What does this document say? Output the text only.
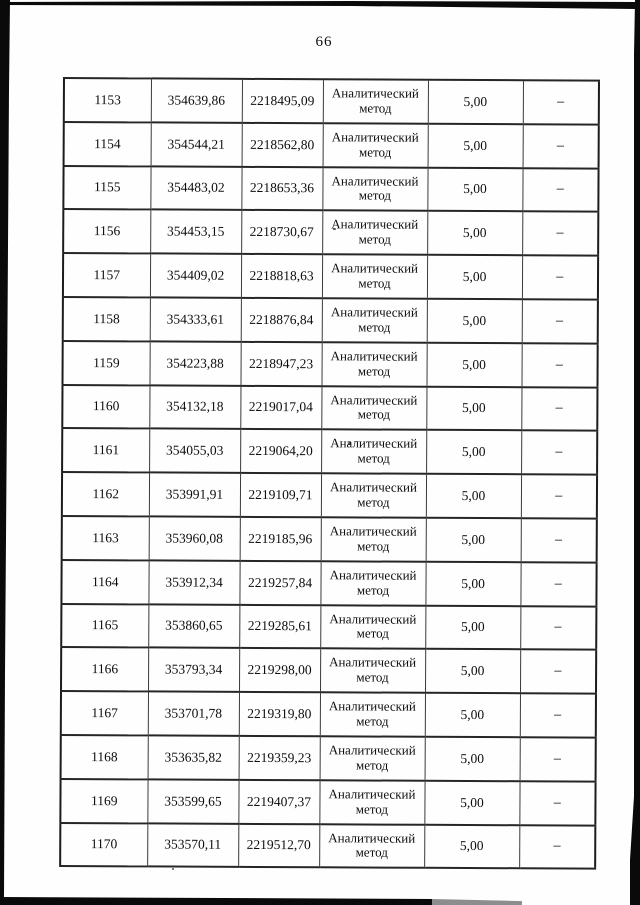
66
1153	354639,86	2218495,09	Аналитический метод	5,00	–
1154	354544,21	2218562,80	Аналитический метод	5,00	–
1155	354483,02	2218653,36	Аналитический метод	5,00	–
1156	354453,15	2218730,67	Аналитический метод	5,00	–
1157	354409,02	2218818,63	Аналитический метод	5,00	–
1158	354333,61	2218876,84	Аналитический метод	5,00	–
1159	354223,88	2218947,23	Аналитический метод	5,00	–
1160	354132,18	2219017,04	Аналитический метод	5,00	–
1161	354055,03	2219064,20	Аналитический метод	5,00	–
1162	353991,91	2219109,71	Аналитический метод	5,00	–
1163	353960,08	2219185,96	Аналитический метод	5,00	–
1164	353912,34	2219257,84	Аналитический метод	5,00	–
1165	353860,65	2219285,61	Аналитический метод	5,00	–
1166	353793,34	2219298,00	Аналитический метод	5,00	–
1167	353701,78	2219319,80	Аналитический метод	5,00	–
1168	353635,82	2219359,23	Аналитический метод	5,00	–
1169	353599,65	2219407,37	Аналитический метод	5,00	–
1170	353570,11	2219512,70	Аналитический метод	5,00	–
